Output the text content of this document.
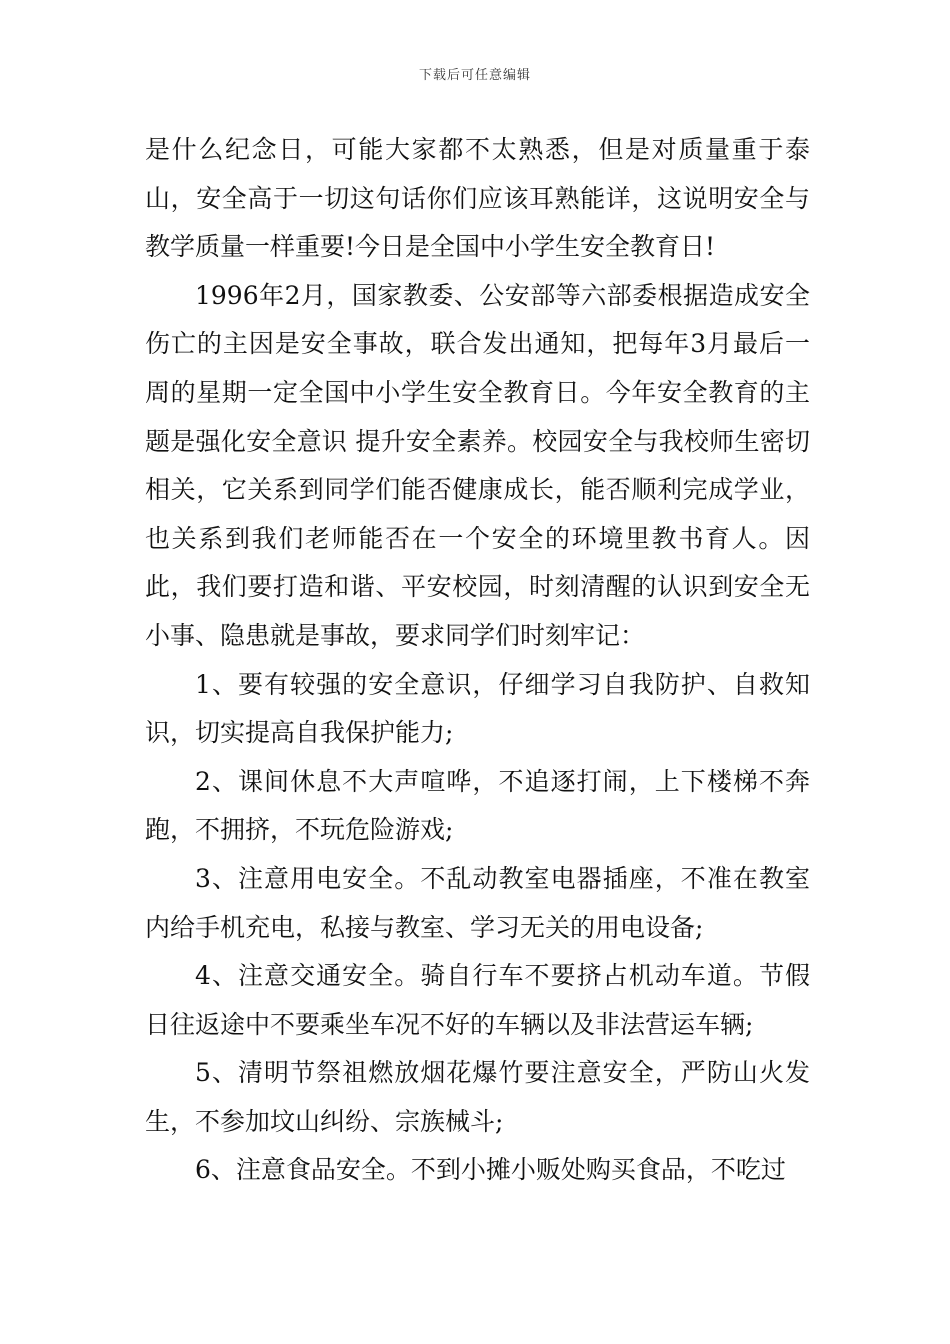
下载后可任意编辑

是什么纪念日，可能大家都不太熟悉，但是对质量重于泰山，安全高于一切这句话你们应该耳熟能详，这说明安全与教学质量一样重要!今日是全国中小学生安全教育日!

1996年2月，国家教委、公安部等六部委根据造成安全伤亡的主因是安全事故，联合发出通知，把每年3月最后一周的星期一定全国中小学生安全教育日。今年安全教育的主题是强化安全意识 提升安全素养。校园安全与我校师生密切相关，它关系到同学们能否健康成长，能否顺利完成学业，也关系到我们老师能否在一个安全的环境里教书育人。因此，我们要打造和谐、平安校园，时刻清醒的认识到安全无小事、隐患就是事故，要求同学们时刻牢记：

1、要有较强的安全意识，仔细学习自我防护、自救知识，切实提高自我保护能力;

2、课间休息不大声喧哗，不追逐打闹，上下楼梯不奔跑，不拥挤，不玩危险游戏;

3、注意用电安全。不乱动教室电器插座，不准在教室内给手机充电，私接与教室、学习无关的用电设备;

4、注意交通安全。骑自行车不要挤占机动车道。节假日往返途中不要乘坐车况不好的车辆以及非法营运车辆;

5、清明节祭祖燃放烟花爆竹要注意安全，严防山火发生，不参加坟山纠纷、宗族械斗;

6、注意食品安全。不到小摊小贩处购买食品，不吃过
